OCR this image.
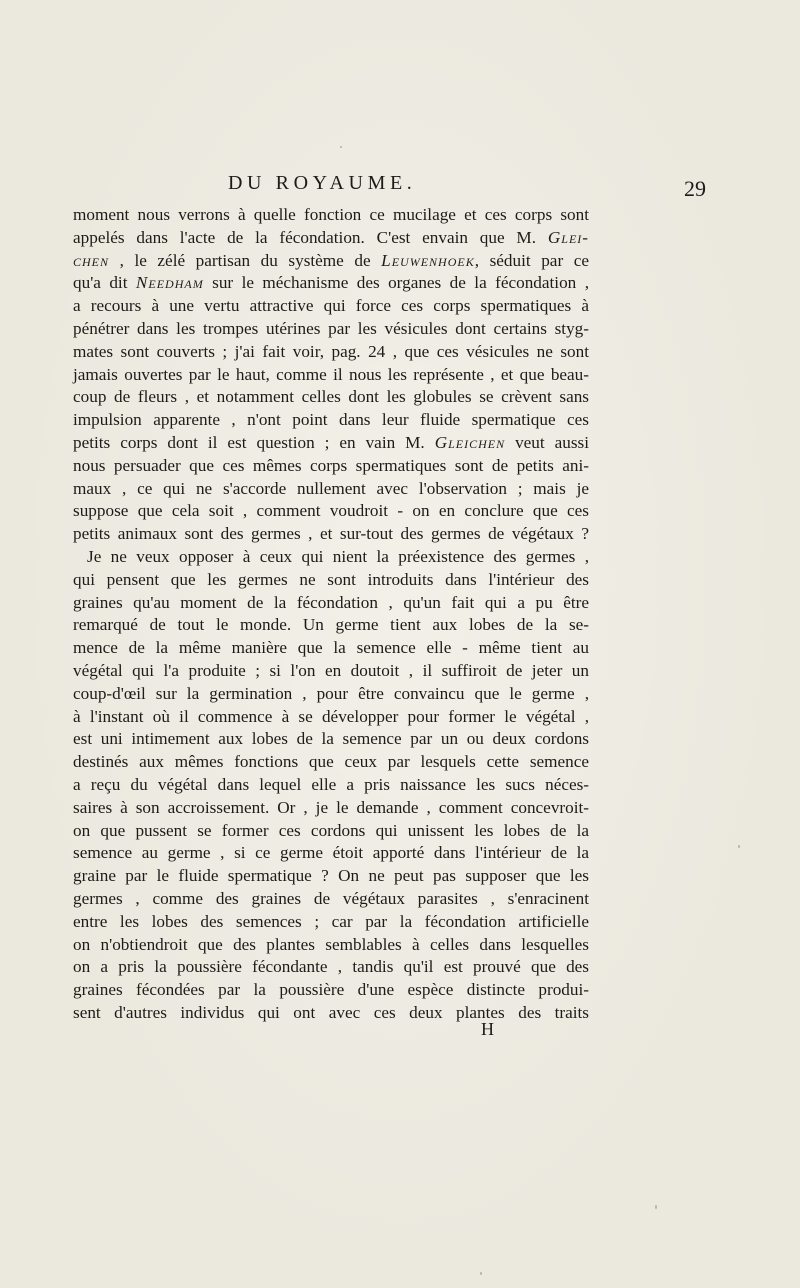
DU ROYAUME.	29
moment nous verrons à quelle fonction ce mucilage et ces corps sont
appelés dans l'acte de la fécondation. C'est envain que M. Glei-
chen , le zélé partisan du système de Leuwenhoek, séduit par ce
qu'a dit Needham sur le méchanisme des organes de la fécondation ,
a recours à une vertu attractive qui force ces corps spermatiques à
pénétrer dans les trompes utérines par les vésicules dont certains styg-
mates sont couverts ; j'ai fait voir, pag. 24 , que ces vésicules ne sont
jamais ouvertes par le haut, comme il nous les représente , et que beau-
coup de fleurs , et notamment celles dont les globules se crèvent sans
impulsion apparente , n'ont point dans leur fluide spermatique ces
petits corps dont il est question ; en vain M. Gleichen veut aussi
nous persuader que ces mêmes corps spermatiques sont de petits ani-
maux , ce qui ne s'accorde nullement avec l'observation ; mais je
suppose que cela soit , comment voudroit - on en conclure que ces
petits animaux sont des germes , et sur-tout des germes de végétaux ?
Je ne veux opposer à ceux qui nient la préexistence des germes ,
qui pensent que les germes ne sont introduits dans l'intérieur des
graines qu'au moment de la fécondation , qu'un fait qui a pu être
remarqué de tout le monde. Un germe tient aux lobes de la se-
mence de la même manière que la semence elle - même tient au
végétal qui l'a produite ; si l'on en doutoit , il suffiroit de jeter un
coup-d'œil sur la germination , pour être convaincu que le germe ,
à l'instant où il commence à se développer pour former le végétal ,
est uni intimement aux lobes de la semence par un ou deux cordons
destinés aux mêmes fonctions que ceux par lesquels cette semence
a reçu du végétal dans lequel elle a pris naissance les sucs néces-
saires à son accroissement. Or , je le demande , comment concevroit-
on que pussent se former ces cordons qui unissent les lobes de la
semence au germe , si ce germe étoit apporté dans l'intérieur de la
graine par le fluide spermatique ? On ne peut pas supposer que les
germes , comme des graines de végétaux parasites , s'enracinent
entre les lobes des semences ; car par la fécondation artificielle
on n'obtiendroit que des plantes semblables à celles dans lesquelles
on a pris la poussière fécondante , tandis qu'il est prouvé que des
graines fécondées par la poussière d'une espèce distincte produi-
sent d'autres individus qui ont avec ces deux plantes des traits
H
